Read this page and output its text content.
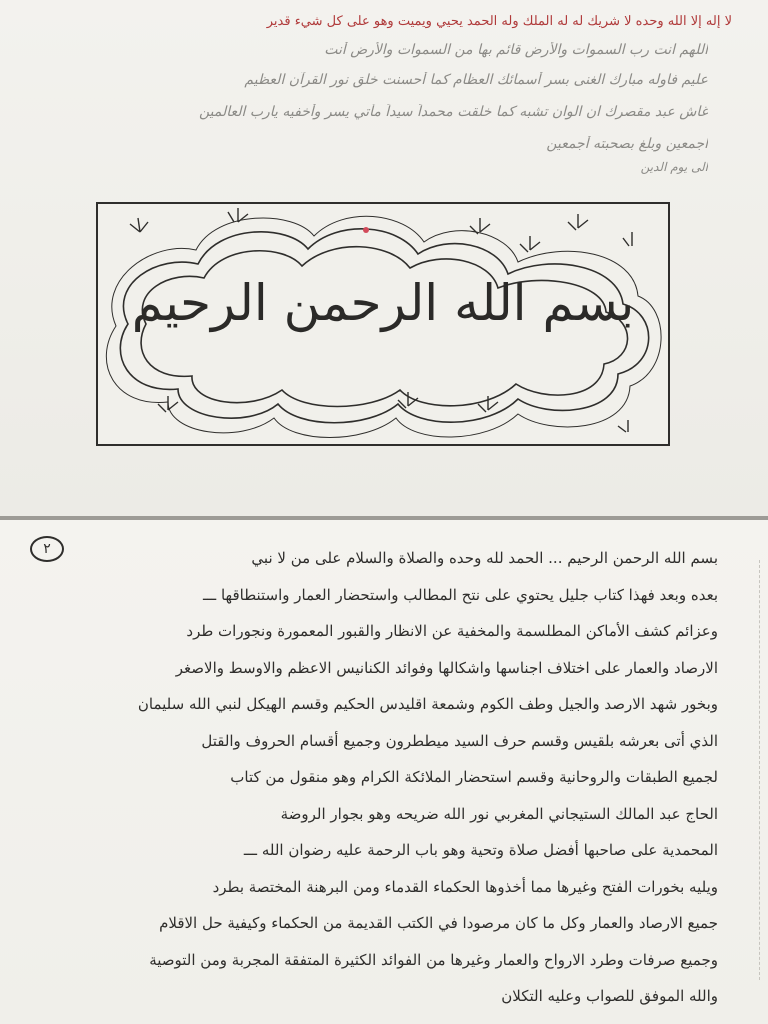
لا إله إلا الله وحده لا شريك له له الملك وله الحمد يحيي ويميت وهو على كل شيء قدير
اللهم انت رب السموات والأرض قائم بها من السموات والأرض أنت
عليم فاوله مبارك الغنى بسر أسمائك العظام كما أحسنت خلق نور القرآن العظيم
غاش عبد مقصرك ان الوان تشبه كما خلقت محمداً سيداً مأتي يسر وأخفيه يارب العالمين
اجمعين وبلغ بصحبته أجمعين
الى يوم الدين
بسم الله الرحمن الرحيم
٢	بسم الله الرحمن الرحيم ... الحمد لله وحده والصلاة والسلام على من لا نبي
بعده وبعد فهذا كتاب جليل يحتوي على نتح المطالب واستحضار العمار واستنطاقها ـــ
وعزائم كشف الأماكن المطلسمة والمخفية عن الانظار والقبور المعمورة ونجورات طرد
الارصاد والعمار على اختلاف اجناسها واشكالها وفوائد الكنانيس الاعظم والاوسط والاصغر
وبخور شهد الارصد والجيل وطف الكوم وشمعة اقليدس الحكيم وقسم الهيكل لنبي الله سليمان
الذي أتى بعرشه بلقيس وقسم حرف السيد ميططرون وجميع أقسام الحروف والقتل
لجميع الطبقات والروحانية وقسم استحضار الملائكة الكرام وهو منقول من كتاب
الحاج عبد المالك الستيجاني المغربي نور الله ضريحه وهو بجوار الروضة
المحمدية على صاحبها أفضل صلاة وتحية وهو باب الرحمة عليه رضوان الله ـــ
ويليه بخورات الفتح وغيرها مما أخذوها الحكماء القدماء ومن البرهنة المختصة بطرد
جميع الارصاد والعمار وكل ما كان مرصودا في الكتب القديمة من الحكماء وكيفية حل الاقلام
وجميع صرفات وطرد الارواح والعمار وغيرها من الفوائد الكثيرة المتفقة المجربة ومن التوصية
والله الموفق للصواب وعليه التكلان
